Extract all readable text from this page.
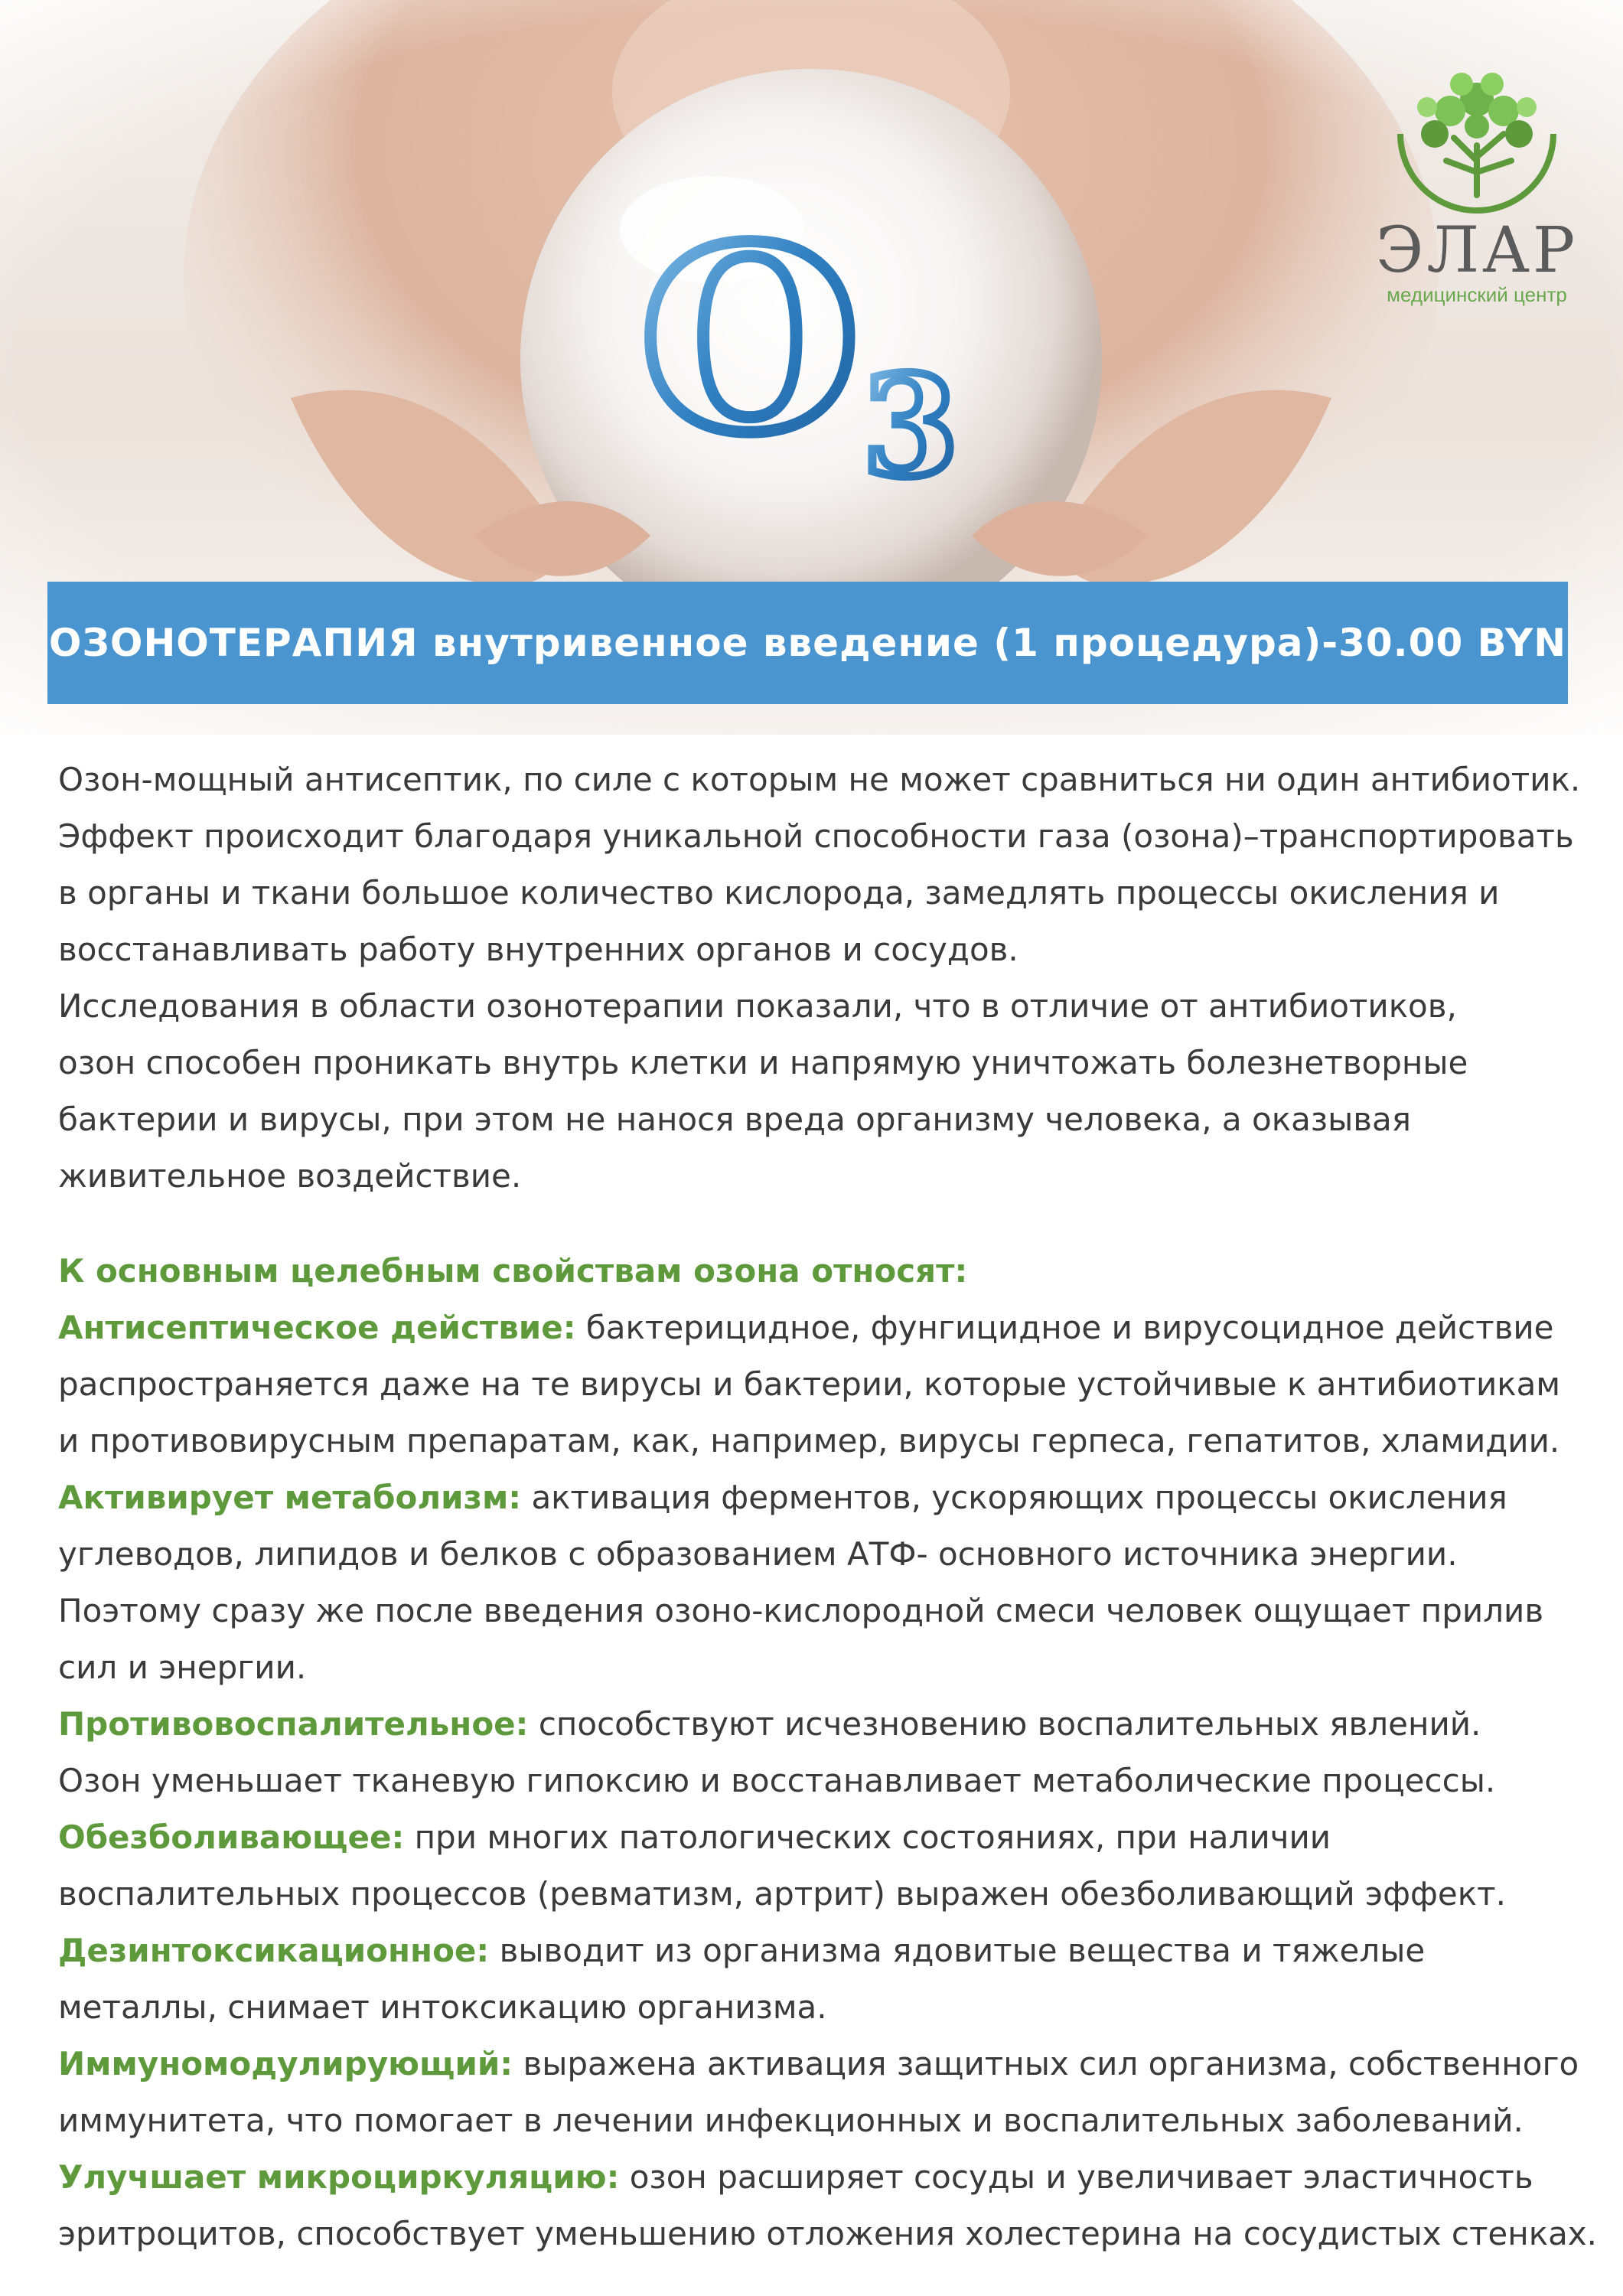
ЭЛАР
медицинский центр
ОЗОНОТЕРАПИЯ внутривенное введение (1 процедура)-30.00 BYN

Озон-мощный антисептик, по силе с которым не может сравниться ни один антибиотик.

Эффект происходит благодаря уникальной способности газа (озона)–транспортировать

в органы и ткани большое количество кислорода, замедлять процессы окисления и

восстанавливать работу внутренних органов и сосудов.

Исследования в области озонотерапии показали, что в отличие от антибиотиков,

озон способен проникать внутрь клетки и напрямую уничтожать болезнетворные

бактерии и вирусы, при этом не нанося вреда организму человека, а оказывая

живительное воздействие.

К основным целебным свойствам озона относят:

Антисептическое действие: бактерицидное, фунгицидное и вирусоцидное действие

распространяется даже на те вирусы и бактерии, которые устойчивые к антибиотикам

и противовирусным препаратам, как, например, вирусы герпеса, гепатитов, хламидии.

Активирует метаболизм: активация ферментов, ускоряющих процессы окисления

углеводов, липидов и белков с образованием АТФ- основного источника энергии.

Поэтому сразу же после введения озоно-кислородной смеси человек ощущает прилив

сил и энергии.

Противовоспалительное: способствуют исчезновению воспалительных явлений.

Озон уменьшает тканевую гипоксию и восстанавливает метаболические процессы.

Обезболивающее: при многих патологических состояниях, при наличии

воспалительных процессов (ревматизм, артрит) выражен обезболивающий эффект.

Дезинтоксикационное: выводит из организма ядовитые вещества и тяжелые

металлы, снимает интоксикацию организма.

Иммуномодулирующий: выражена активация защитных сил организма, собственного

иммунитета, что помогает в лечении инфекционных и воспалительных заболеваний.

Улучшает микроциркуляцию: озон расширяет сосуды и увеличивает эластичность

эритроцитов, способствует уменьшению отложения холестерина на сосудистых стенках.
